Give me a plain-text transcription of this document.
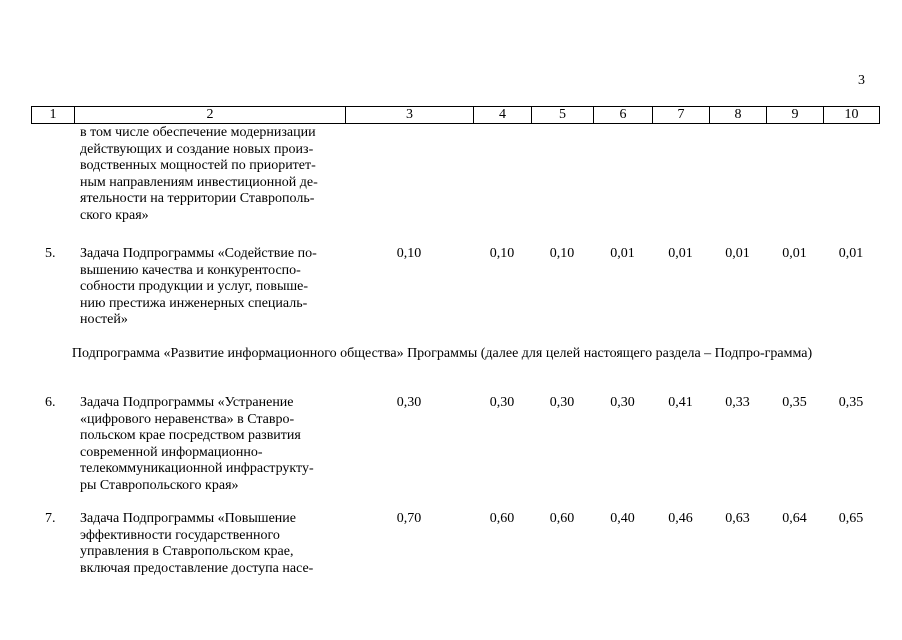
3
1	2	3	4	5	6	7	8	9	10
в том числе обеспечение модернизации
действующих и создание новых произ-
водственных мощностей по приоритет-
ным направлениям инвестиционной де-
ятельности на территории Ставрополь-
ского края»
5. Задача Подпрограммы «Содействие по-
вышению качества и конкурентоспо-
собности продукции и услуг, повыше-
нию престижа инженерных специаль-
ностей»
0,10	0,10	0,10	0,01	0,01	0,01	0,01	0,01
Подпрограмма «Развитие информационного общества» Программы (далее для целей настоящего раздела – Подпро-грамма)
6. Задача Подпрограммы «Устранение
«цифрового неравенства» в Ставро-
польском крае посредством развития
современной информационно-
телекоммуникационной инфраструкту-
ры Ставропольского края»
0,30	0,30	0,30	0,30	0,41	0,33	0,35	0,35
7. Задача Подпрограммы «Повышение
эффективности государственного
управления в Ставропольском крае,
включая предоставление доступа насе-
0,70	0,60	0,60	0,40	0,46	0,63	0,64	0,65
